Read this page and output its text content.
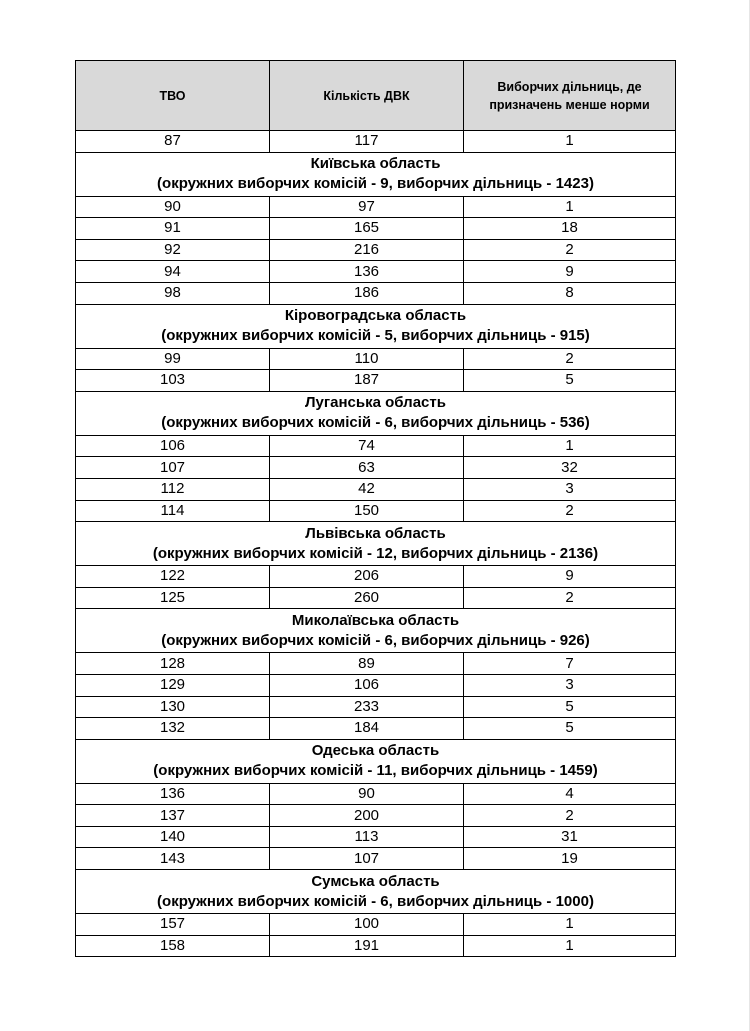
ТВО	Кількість ДВК	Виборчих дільниць, де
призначень менше норми

87	117	1

Київська область
(окружних виборчих комісій - 9, виборчих дільниць - 1423)		

90	97	1
91	165	18
92	216	2
94	136	9
98	186	8

Кіровоградська область
(окружних виборчих комісій - 5, виборчих дільниць - 915)		

99	110	2
103	187	5

Луганська область
(окружних виборчих комісій - 6, виборчих дільниць - 536)		

106	74	1
107	63	32
112	42	3
114	150	2

Львівська область
(окружних виборчих комісій - 12, виборчих дільниць - 2136)		

122	206	9
125	260	2

Миколаївська область
(окружних виборчих комісій - 6, виборчих дільниць - 926)		

128	89	7
129	106	3
130	233	5
132	184	5

Одеська область
(окружних виборчих комісій - 11, виборчих дільниць - 1459)		

136	90	4
137	200	2
140	113	31
143	107	19

Сумська область
(окружних виборчих комісій - 6, виборчих дільниць - 1000)		

157	100	1
158	191	1
